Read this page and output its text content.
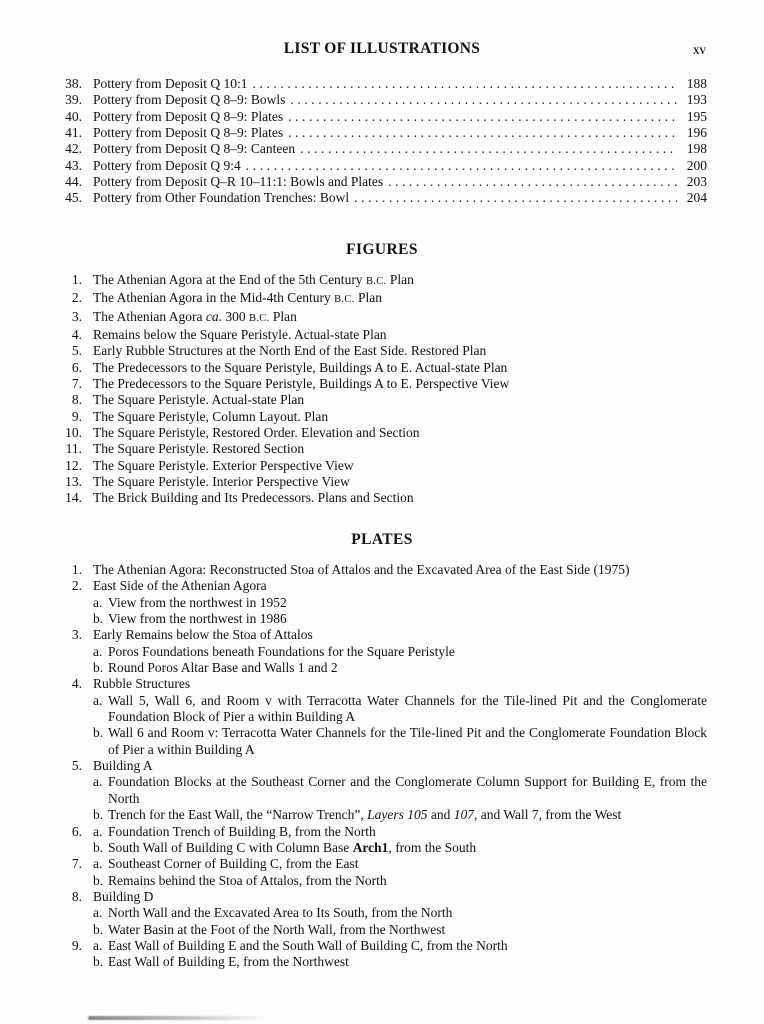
LIST OF ILLUSTRATIONS	xv
38. Pottery from Deposit Q 10:1 .....	188
39. Pottery from Deposit Q 8–9: Bowls .....	193
40. Pottery from Deposit Q 8–9: Plates .....	195
41. Pottery from Deposit Q 8–9: Plates .....	196
42. Pottery from Deposit Q 8–9: Canteen .....	198
43. Pottery from Deposit Q 9:4 .....	200
44. Pottery from Deposit Q–R 10–11:1: Bowls and Plates .....	203
45. Pottery from Other Foundation Trenches: Bowl .....	204
FIGURES
1. The Athenian Agora at the End of the 5th Century B.C. Plan
2. The Athenian Agora in the Mid-4th Century B.C. Plan
3. The Athenian Agora ca. 300 B.C. Plan
4. Remains below the Square Peristyle. Actual-state Plan
5. Early Rubble Structures at the North End of the East Side. Restored Plan
6. The Predecessors to the Square Peristyle, Buildings A to E. Actual-state Plan
7. The Predecessors to the Square Peristyle, Buildings A to E. Perspective View
8. The Square Peristyle. Actual-state Plan
9. The Square Peristyle, Column Layout. Plan
10. The Square Peristyle, Restored Order. Elevation and Section
11. The Square Peristyle. Restored Section
12. The Square Peristyle. Exterior Perspective View
13. The Square Peristyle. Interior Perspective View
14. The Brick Building and Its Predecessors. Plans and Section
PLATES
1. The Athenian Agora: Reconstructed Stoa of Attalos and the Excavated Area of the East Side (1975)
2. East Side of the Athenian Agora
a. View from the northwest in 1952
b. View from the northwest in 1986
3. Early Remains below the Stoa of Attalos
a. Poros Foundations beneath Foundations for the Square Peristyle
b. Round Poros Altar Base and Walls 1 and 2
4. Rubble Structures
a. Wall 5, Wall 6, and Room v with Terracotta Water Channels for the Tile-lined Pit and the Conglomerate Foundation Block of Pier a within Building A
b. Wall 6 and Room v: Terracotta Water Channels for the Tile-lined Pit and the Conglomerate Foundation Block of Pier a within Building A
5. Building A
a. Foundation Blocks at the Southeast Corner and the Conglomerate Column Support for Building E, from the North
b. Trench for the East Wall, the “Narrow Trench”, Layers 105 and 107, and Wall 7, from the West
6. a. Foundation Trench of Building B, from the North
b. South Wall of Building C with Column Base Arch1, from the South
7. a. Southeast Corner of Building C, from the East
b. Remains behind the Stoa of Attalos, from the North
8. Building D
a. North Wall and the Excavated Area to Its South, from the North
b. Water Basin at the Foot of the North Wall, from the Northwest
9. a. East Wall of Building E and the South Wall of Building C, from the North
b. East Wall of Building E, from the Northwest
